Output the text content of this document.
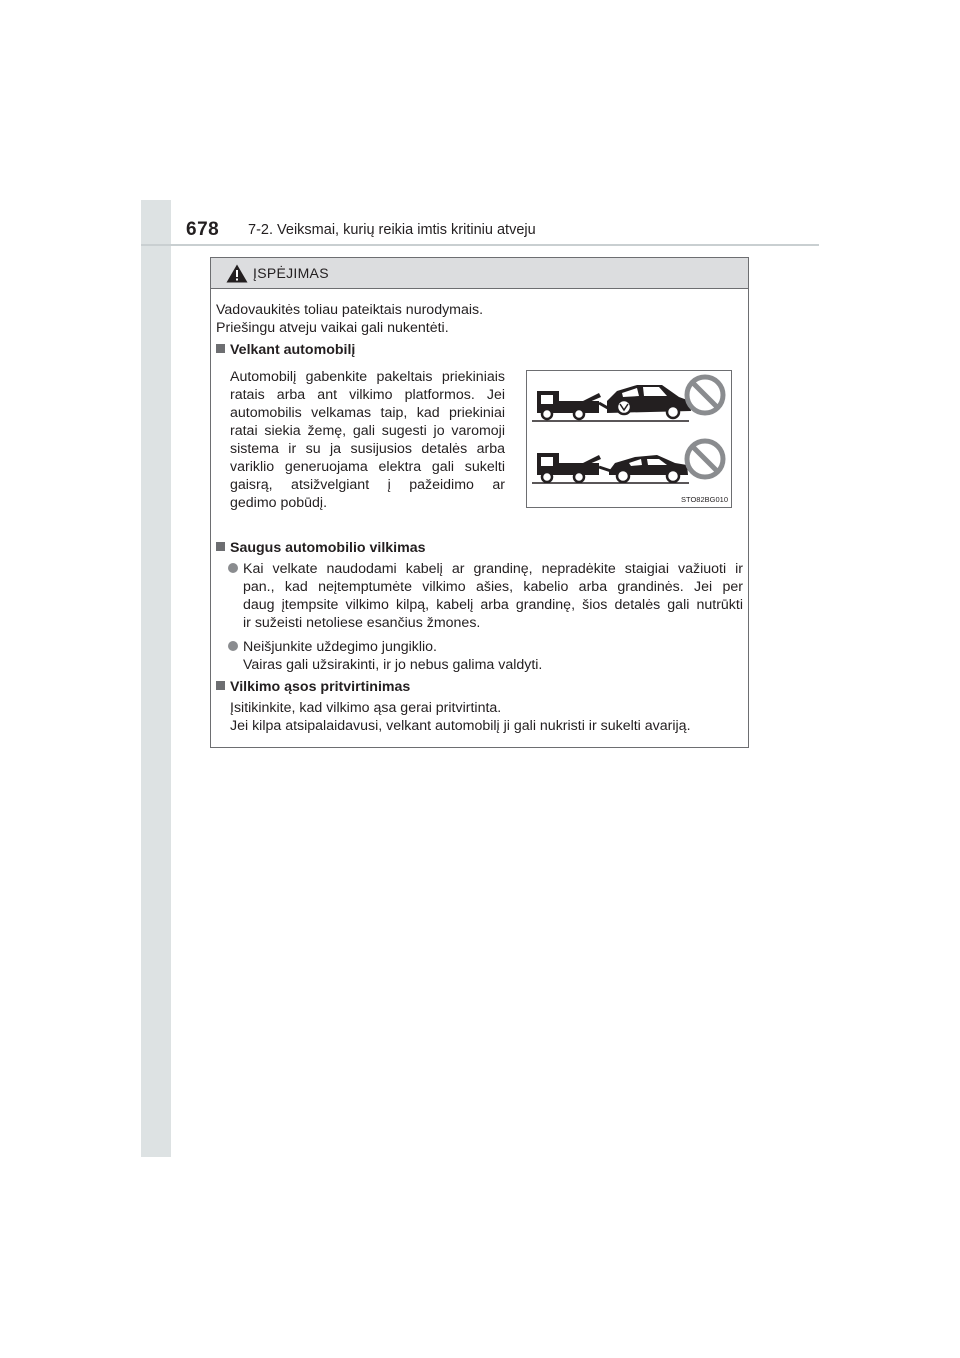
678 7-2. Veiksmai, kurių reikia imtis kritiniu atveju
ĮSPĖJIMAS
Vadovaukitės toliau pateiktais nurodymais.
Priešingu atveju vaikai gali nukentėti.
Velkant automobilį
Automobilį gabenkite pakeltais priekiniais
ratais arba ant vilkimo platformos. Jei
automobilis velkamas taip, kad priekiniai
ratai siekia žemę, gali sugesti jo varomoji
sistema ir su ja susijusios detalės arba
variklio generuojama elektra gali sukelti
gaisrą, atsižvelgiant į pažeidimo ar
gedimo pobūdį.	STO82BG010
Saugus automobilio vilkimas
Kai velkate naudodami kabelį ar grandinę, nepradėkite staigiai važiuoti ir
pan., kad neįtemptumėte vilkimo ašies, kabelio arba grandinės. Jei per
daug įtempsite vilkimo kilpą, kabelį arba grandinę, šios detalės gali nutrūkti
ir sužeisti netoliese esančius žmones.
Neišjunkite uždegimo jungiklio.
Vairas gali užsirakinti, ir jo nebus galima valdyti.
Vilkimo ąsos pritvirtinimas
Įsitikinkite, kad vilkimo ąsa gerai pritvirtinta.
Jei kilpa atsipalaidavusi, velkant automobilį ji gali nukristi ir sukelti avariją.
